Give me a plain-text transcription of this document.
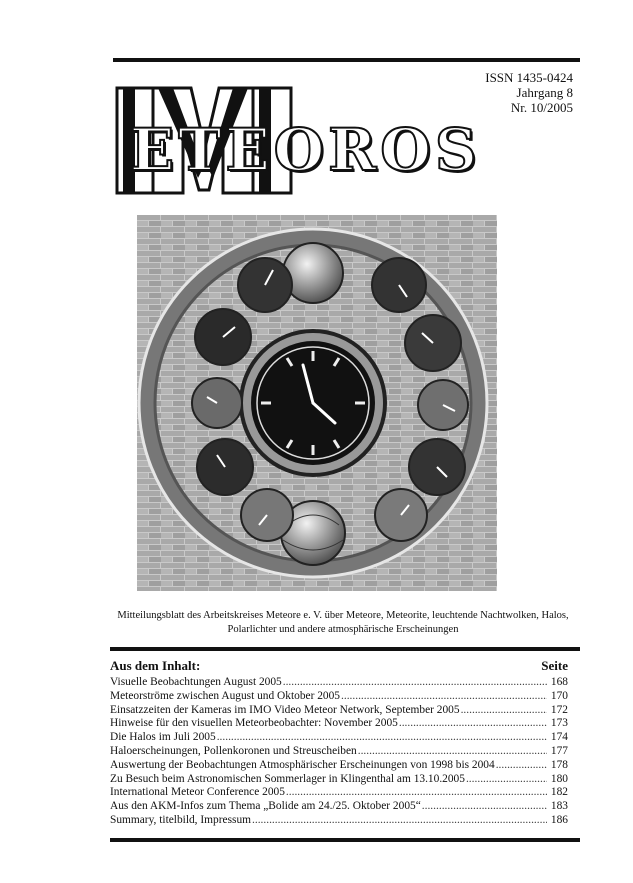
ISSN 1435-0424
Jahrgang 8
Nr. 10/2005
ETEOROS
Mitteilungsblatt des Arbeitskreises Meteore e. V. über Meteore, Meteorite, leuchtende Nachtwolken, Halos,
Polarlichter und andere atmosphärische Erscheinungen
Aus dem Inhalt:	Seite
Visuelle Beobachtungen August 2005 .....	168
Meteorströme zwischen August und Oktober 2005 .....	170
Einsatzzeiten der Kameras im IMO Video Meteor Network, September 2005 .....	172
Hinweise für den visuellen Meteorbeobachter: November 2005 .....	173
Die Halos im Juli 2005 .....	174
Haloerscheinungen, Pollenkoronen und Streuscheiben .....	177
Auswertung der Beobachtungen Atmosphärischer Erscheinungen von 1998 bis 2004 .....	178
Zu Besuch beim Astronomischen Sommerlager in Klingenthal am 13.10.2005 .....	180
International Meteor Conference 2005 .....	182
Aus den AKM-Infos zum Thema „Bolide am 24./25. Oktober 2005“ .....	183
Summary, titelbild, Impressum .....	186
